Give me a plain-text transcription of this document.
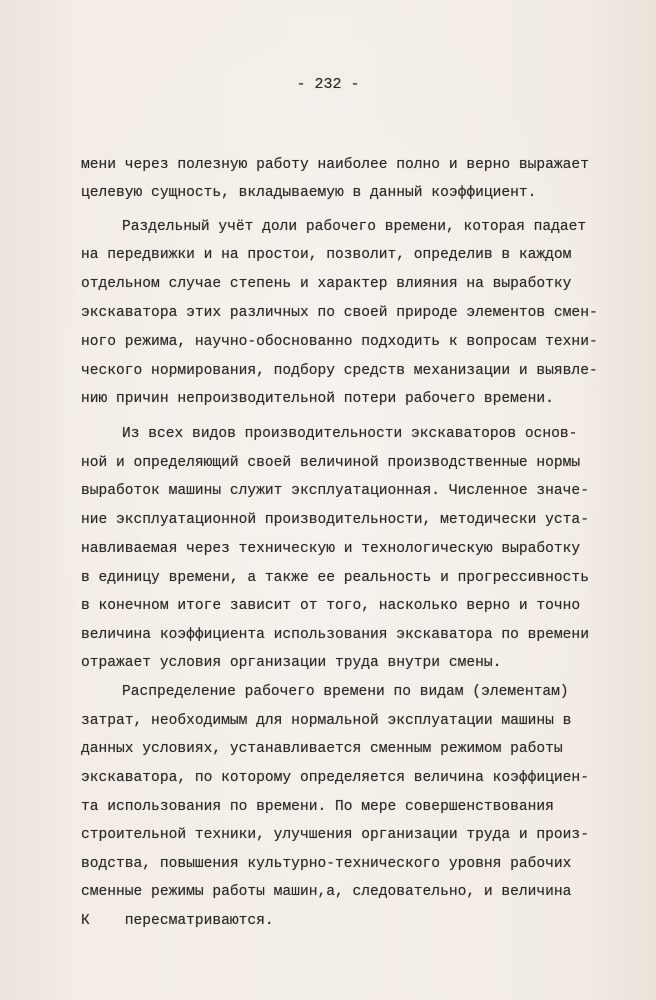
- 232 -
мени через полезную работу наиболее полно и верно выражает
целевую сущность, вкладываемую в данный коэффициент.
Раздельный учёт доли рабочего времени, которая падает
на передвижки и на простои, позволит, определив в каждом
отдельном случае степень и характер влияния на выработку
экскаватора этих различных по своей природе элементов смен-
ного режима, научно-обоснованно подходить к вопросам техни-
ческого нормирования, подбору средств механизации и выявле-
нию причин непроизводительной потери рабочего времени.
Из всех видов производительности экскаваторов основ-
ной и определяющий своей величиной производственные нормы
выработок машины служит эксплуатационная. Численное значе-
ние эксплуатационной производительности, методически уста-
навливаемая через техническую и технологическую выработку
в единицу времени, а также ее реальность и прогрессивность
в конечном итоге зависит от того, насколько верно и точно
величина коэффициента использования экскаватора по времени
отражает условия организации труда внутри смены.
Распределение рабочего времени по видам (элементам)
затрат, необходимым для нормальной эксплуатации машины в
данных условиях, устанавливается сменным режимом работы
экскаватора, по которому определяется величина коэффициен-
та использования по времени. По мере совершенствования
строительной техники, улучшения организации труда и произ-
водства, повышения культурно-технического уровня рабочих
сменные режимы работы машин,а, следовательно, и величина
К    пересматриваются.
